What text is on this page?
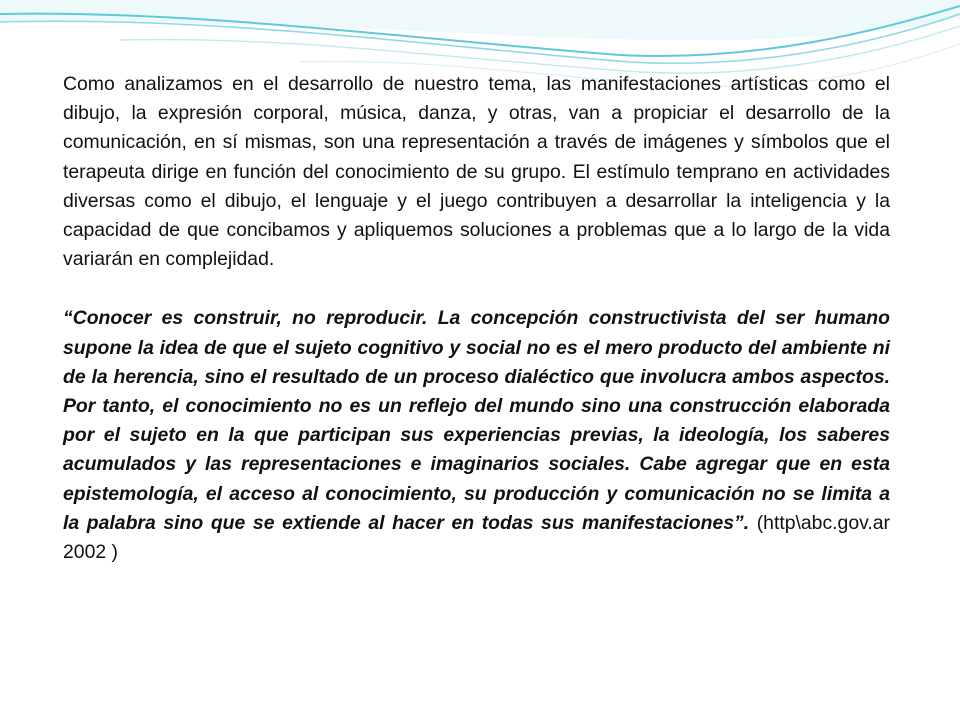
Como analizamos en el desarrollo de nuestro tema, las manifestaciones artísticas como el dibujo, la expresión corporal, música, danza, y otras, van a propiciar el desarrollo de la comunicación, en sí mismas, son una representación a través de imágenes y símbolos que el terapeuta dirige en función del conocimiento de su grupo. El estímulo temprano en actividades diversas como el dibujo, el lenguaje y el juego contribuyen a desarrollar la inteligencia y la capacidad de que concibamos y apliquemos soluciones a problemas que a lo largo de la vida variarán en complejidad.

“Conocer es construir, no reproducir. La concepción constructivista del ser humano supone la idea de que el sujeto cognitivo y social no es el mero producto del ambiente ni de la herencia, sino el resultado de un proceso dialéctico que involucra ambos aspectos. Por tanto, el conocimiento no es un reflejo del mundo sino una construcción elaborada por el sujeto en la que participan sus experiencias previas, la ideología, los saberes acumulados y las representaciones e imaginarios sociales. Cabe agregar que en esta epistemología, el acceso al conocimiento, su producción y comunicación no se limita a la palabra sino que se extiende al hacer en todas sus manifestaciones”. (http\abc.gov.ar 2002 )
